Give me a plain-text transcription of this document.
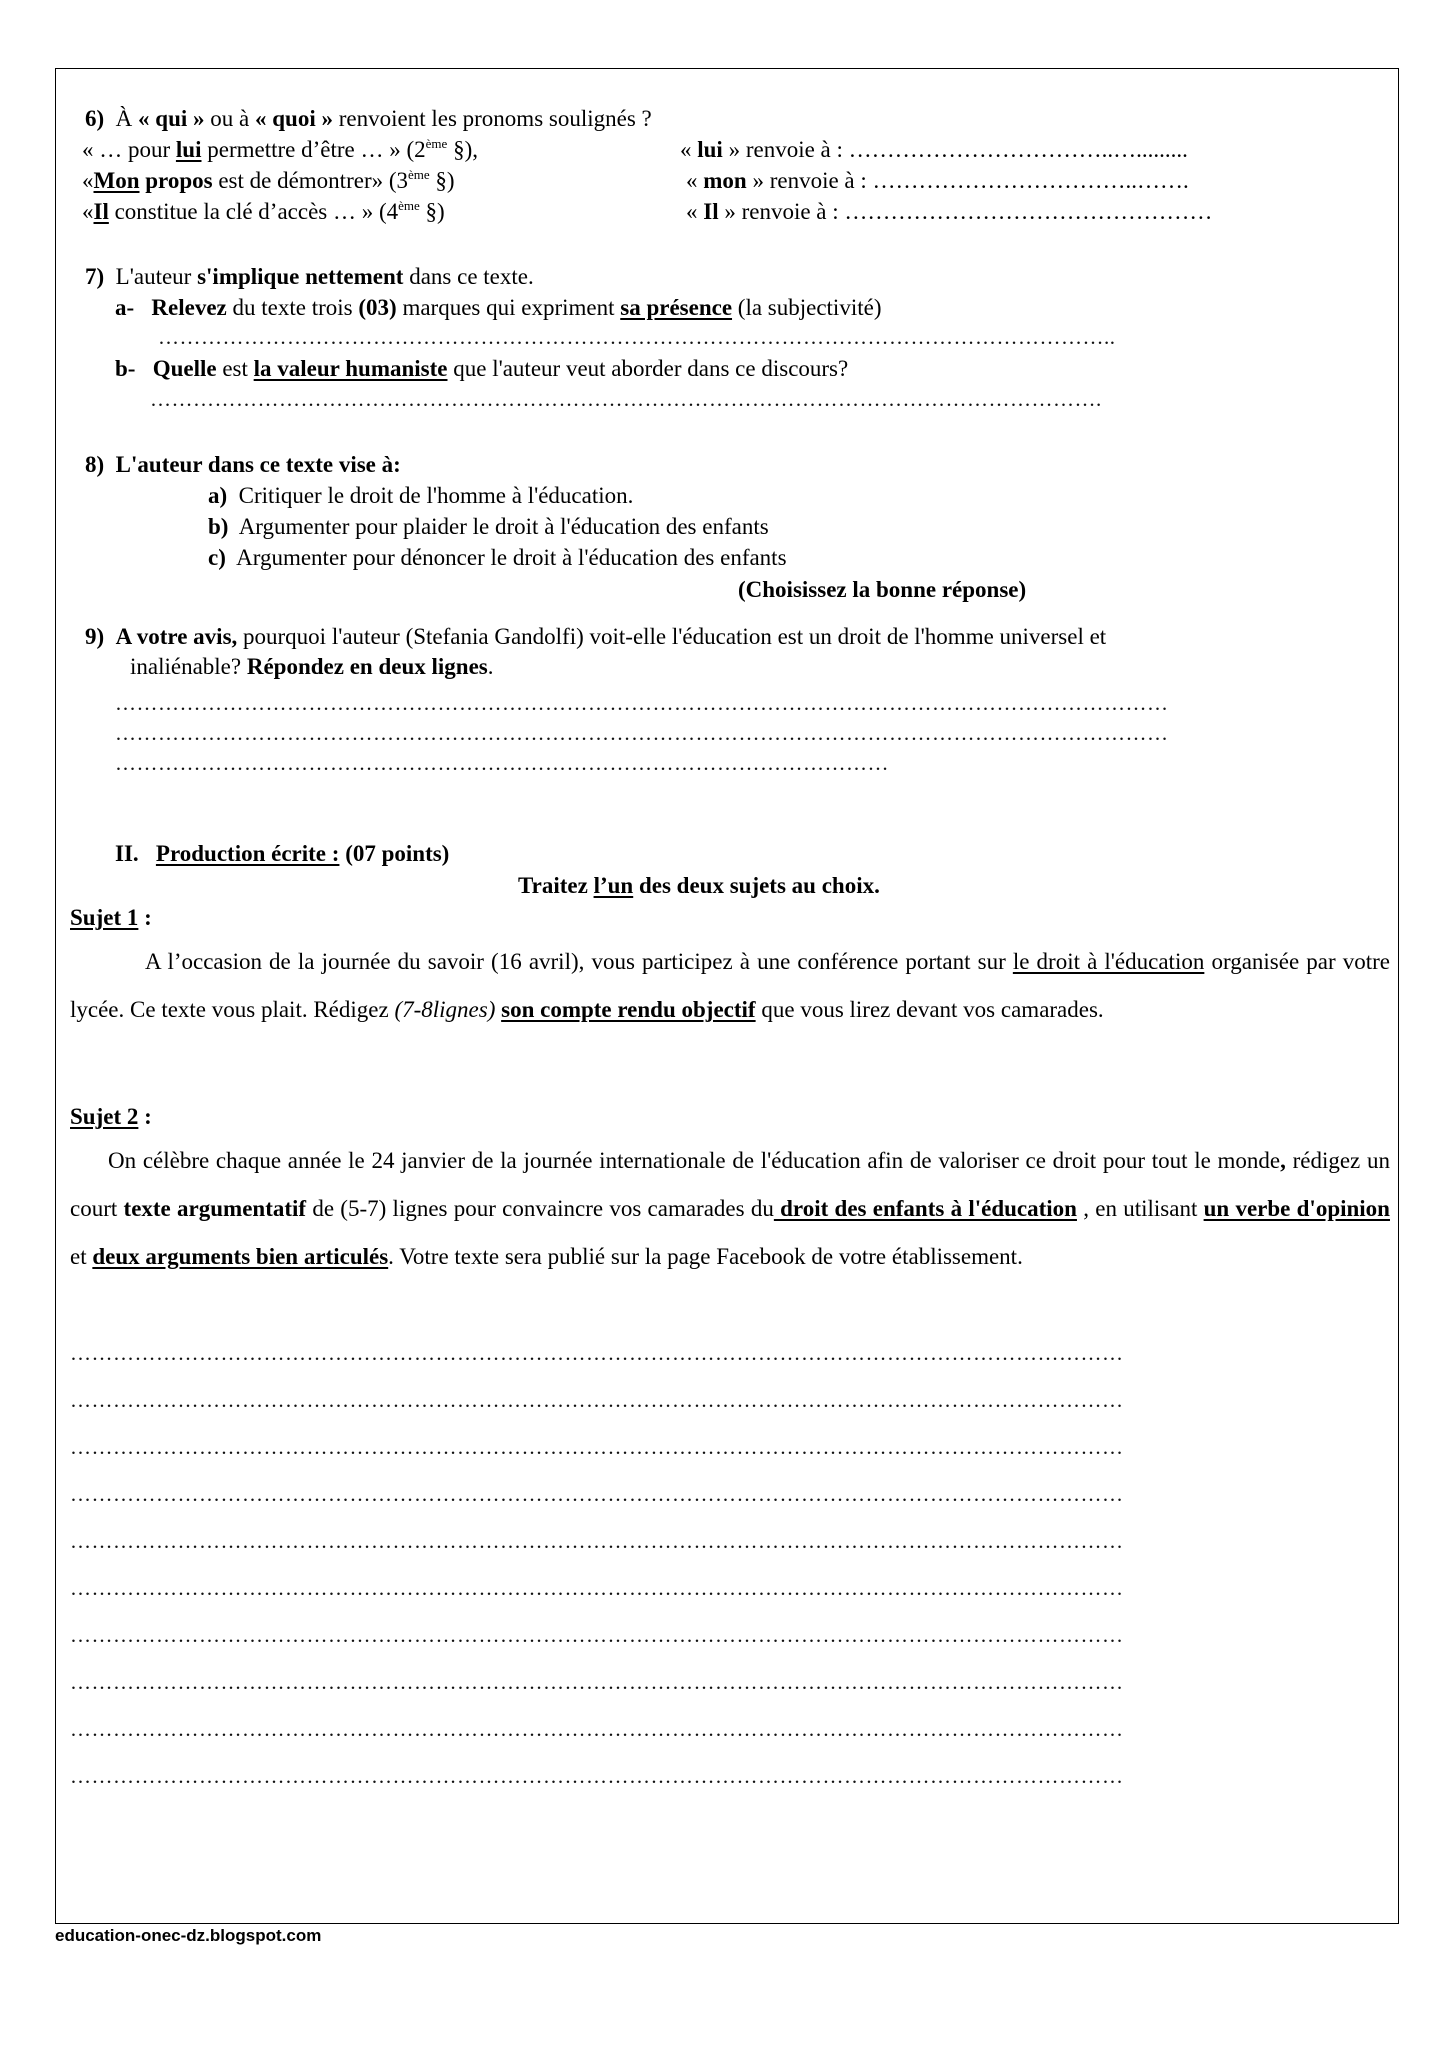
6) À « qui » ou à « quoi » renvoient les pronoms soulignés ?
« … pour lui permettre d’être … » (2ème §),	« lui » renvoie à : ……………………………..….........
«Mon propos est de démontrer» (3ème §)	« mon » renvoie à : ……………………………..…….
«Il constitue la clé d’accès … » (4ème §)	« Il » renvoie à : …………………………………………
7) L'auteur s'implique nettement dans ce texte.
a- Relevez du texte trois (03) marques qui expriment sa présence (la subjectivité)
……………………………………………………………………………………………………………………..
b- Quelle est la valeur humaniste que l'auteur veut aborder dans ce discours?
…………………………………………………………………………………………………………………….
8) L'auteur dans ce texte vise à:
a) Critiquer le droit de l'homme à l'éducation.
b) Argumenter pour plaider le droit à l'éducation des enfants
c) Argumenter pour dénoncer le droit à l'éducation des enfants
(Choisissez la bonne réponse)
9) A votre avis, pourquoi l'auteur (Stefania Gandolfi) voit-elle l'éducation est un droit de l'homme universel et
inaliénable? Répondez en deux lignes.
…………………………………………………………………………………………………………………………………
…………………………………………………………………………………………………………………………………
………………………………………………………………………………………………
II. Production écrite : (07 points)
Traitez l’un des deux sujets au choix.
Sujet 1 :
A l’occasion de la journée du savoir (16 avril), vous participez à une conférence portant sur le droit à l'éducation organisée par votre lycée. Ce texte vous plait. Rédigez (7-8lignes) son compte rendu objectif que vous lirez devant vos camarades.
Sujet 2 :
On célèbre chaque année le 24 janvier de la journée internationale de l'éducation afin de valoriser ce droit pour tout le monde, rédigez un court texte argumentatif de (5-7) lignes pour convaincre vos camarades du droit des enfants à l'éducation , en utilisant un verbe d'opinion et deux arguments bien articulés. Votre texte sera publié sur la page Facebook de votre établissement.
…………………………………………………………………………………………………………………………………
…………………………………………………………………………………………………………………………………
…………………………………………………………………………………………………………………………………
…………………………………………………………………………………………………………………………………
…………………………………………………………………………………………………………………………………
…………………………………………………………………………………………………………………………………
…………………………………………………………………………………………………………………………………
…………………………………………………………………………………………………………………………………
…………………………………………………………………………………………………………………………………
…………………………………………………………………………………………………………………………………
education-onec-dz.blogspot.com
